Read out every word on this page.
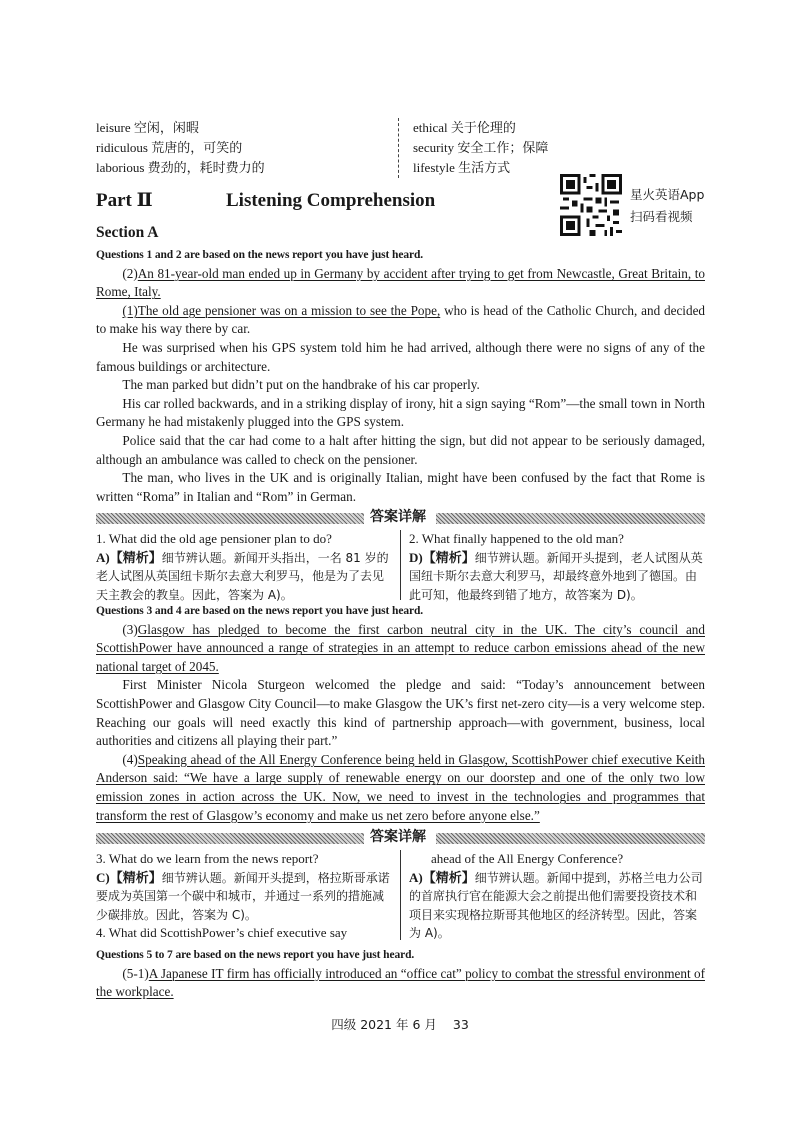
leisure 空闲，闲暇
ridiculous 荒唐的，可笑的
laborious 费劲的，耗时费力的
ethical 关于伦理的
security 安全工作；保障
lifestyle 生活方式
Part Ⅱ	Listening Comprehension	星火英语App
扫码看视频
Section A
Questions 1 and 2 are based on the news report you have just heard.
(2)An 81-year-old man ended up in Germany by accident after trying to get from Newcastle, Great Britain, to Rome, Italy.
(1)The old age pensioner was on a mission to see the Pope, who is head of the Catholic Church, and decided to make his way there by car.
He was surprised when his GPS system told him he had arrived, although there were no signs of any of the famous buildings or architecture.
The man parked but didn’t put on the handbrake of his car properly.
His car rolled backwards, and in a striking display of irony, hit a sign saying “Rom”—the small town in North Germany he had mistakenly plugged into the GPS system.
Police said that the car had come to a halt after hitting the sign, but did not appear to be seriously damaged, although an ambulance was called to check on the pensioner.
The man, who lives in the UK and is originally Italian, might have been confused by the fact that Rome is written “Roma” in Italian and “Rom” in German.
答案详解
1. What did the old age pensioner plan to do?
A)【精析】细节辨认题。新闻开头指出，一名 81 岁的老人试图从英国纽卡斯尔去意大利罗马，他是为了去见天主教会的教皇。因此，答案为 A)。
2. What finally happened to the old man?
D)【精析】细节辨认题。新闻开头提到，老人试图从英国纽卡斯尔去意大利罗马，却最终意外地到了德国。由此可知，他最终到错了地方，故答案为 D)。
Questions 3 and 4 are based on the news report you have just heard.
(3)Glasgow has pledged to become the first carbon neutral city in the UK. The city’s council and ScottishPower have announced a range of strategies in an attempt to reduce carbon emissions ahead of the new national target of 2045.
First Minister Nicola Sturgeon welcomed the pledge and said: “Today’s announcement between ScottishPower and Glasgow City Council—to make Glasgow the UK’s first net-zero city—is a very welcome step. Reaching our goals will need exactly this kind of partnership approach—with government, business, local authorities and citizens all playing their part.”
(4)Speaking ahead of the All Energy Conference being held in Glasgow, ScottishPower chief executive Keith Anderson said: “We have a large supply of renewable energy on our doorstep and one of the only two low emission zones in action across the UK. Now, we need to invest in the technologies and programmes that transform the rest of Glasgow’s economy and make us net zero before anyone else.”
答案详解
3. What do we learn from the news report?
C)【精析】细节辨认题。新闻开头提到，格拉斯哥承诺要成为英国第一个碳中和城市，并通过一系列的措施减少碳排放。因此，答案为 C)。
4. What did ScottishPower’s chief executive say
ahead of the All Energy Conference?
A)【精析】细节辨认题。新闻中提到，苏格兰电力公司的首席执行官在能源大会之前提出他们需要投资技术和项目来实现格拉斯哥其他地区的经济转型。因此，答案为 A)。
Questions 5 to 7 are based on the news report you have just heard.
(5-1)A Japanese IT firm has officially introduced an “office cat” policy to combat the stressful environment of the workplace.
四级 2021 年 6 月 33
